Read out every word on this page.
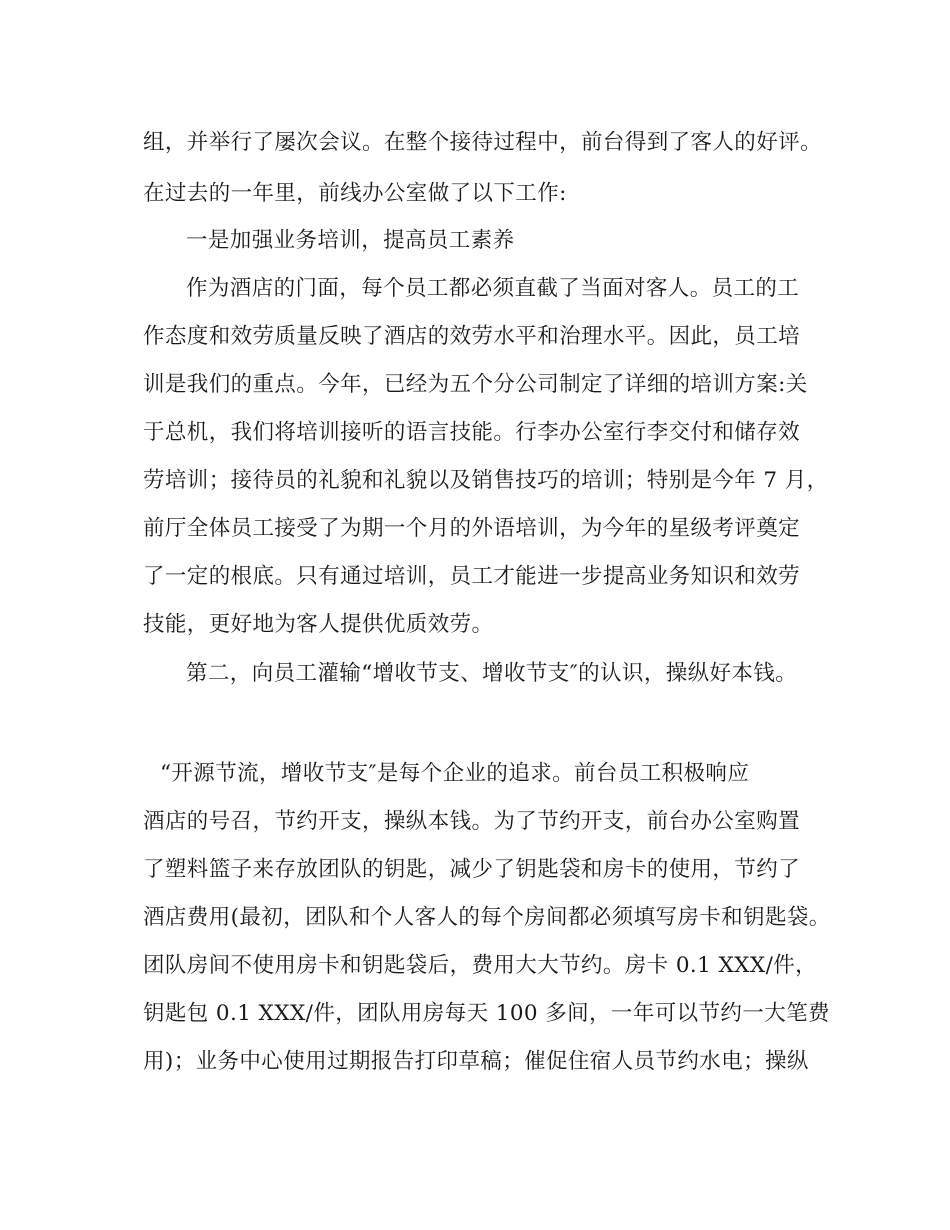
组，并举行了屡次会议。在整个接待过程中，前台得到了客人的好评。
在过去的一年里，前线办公室做了以下工作:
一是加强业务培训，提高员工素养
作为酒店的门面，每个员工都必须直截了当面对客人。员工的工
作态度和效劳质量反映了酒店的效劳水平和治理水平。因此，员工培
训是我们的重点。今年，已经为五个分公司制定了详细的培训方案:关
于总机，我们将培训接听的语言技能。行李办公室行李交付和储存效
劳培训；接待员的礼貌和礼貌以及销售技巧的培训；特别是今年 7 月，
前厅全体员工接受了为期一个月的外语培训，为今年的星级考评奠定
了一定的根底。只有通过培训，员工才能进一步提高业务知识和效劳
技能，更好地为客人提供优质效劳。
第二，向员工灌输“增收节支、增收节支″的认识，操纵好本钱。
“开源节流，增收节支″是每个企业的追求。前台员工积极响应
酒店的号召，节约开支，操纵本钱。为了节约开支，前台办公室购置
了塑料篮子来存放团队的钥匙，减少了钥匙袋和房卡的使用，节约了
酒店费用(最初，团队和个人客人的每个房间都必须填写房卡和钥匙袋。
团队房间不使用房卡和钥匙袋后，费用大大节约。房卡 0.1 XXX/件，
钥匙包 0.1 XXX/件，团队用房每天 100 多间，一年可以节约一大笔费
用)；业务中心使用过期报告打印草稿；催促住宿人员节约水电；操纵
